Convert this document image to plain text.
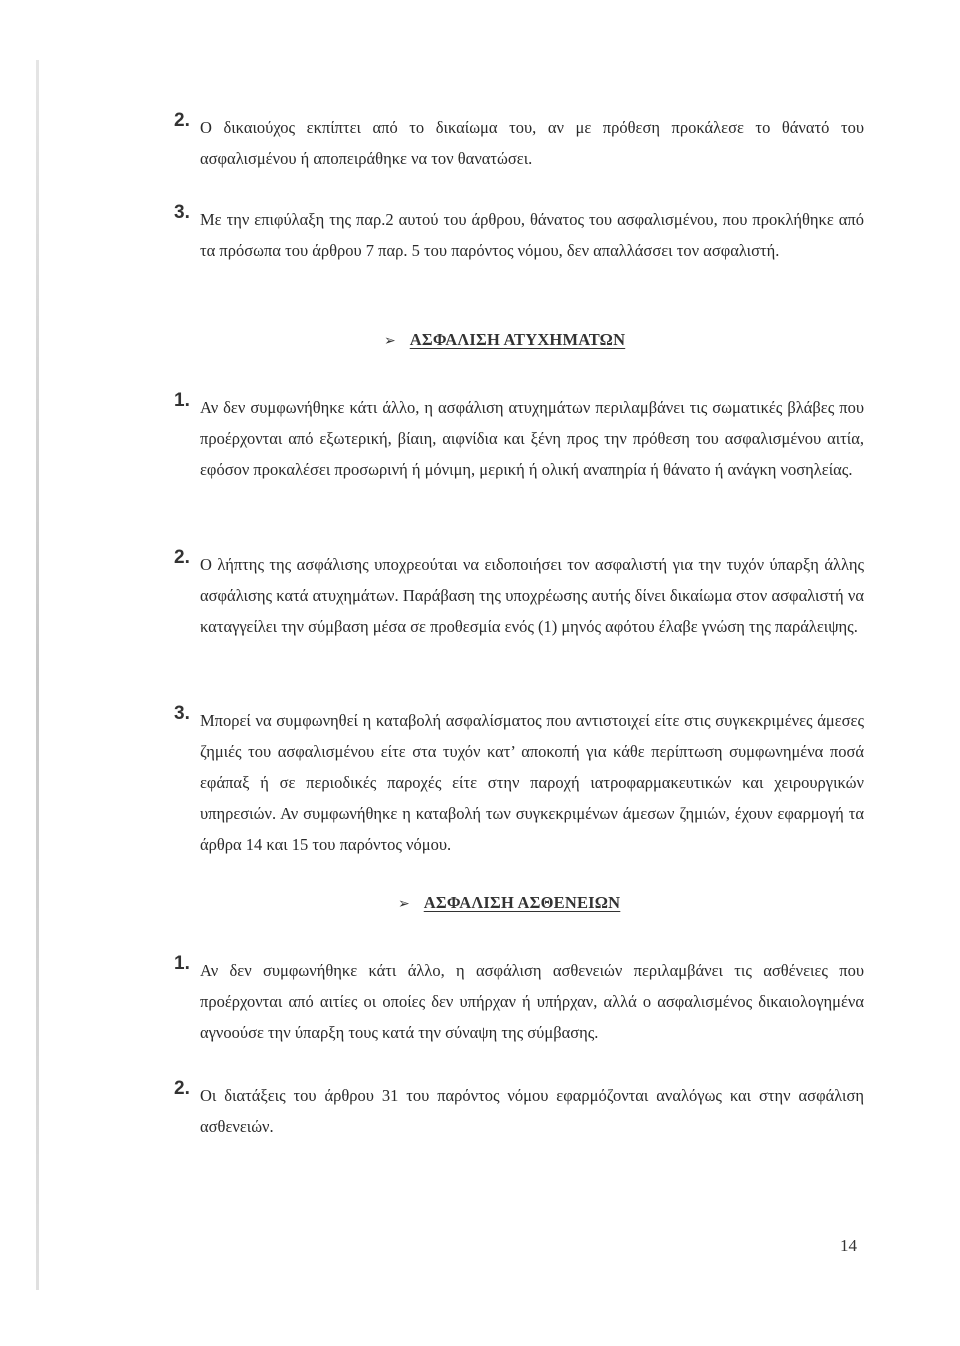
2. Ο δικαιούχος εκπίπτει από το δικαίωμα του, αν με πρόθεση προκάλεσε το θάνατό του ασφαλισμένου ή αποπειράθηκε να τον θανατώσει.

3. Με την επιφύλαξη της παρ.2 αυτού του άρθρου, θάνατος του ασφαλισμένου, που προκλήθηκε από τα πρόσωπα του άρθρου 7 παρ. 5 του παρόντος νόμου, δεν απαλλάσσει τον ασφαλιστή.

➢ ΑΣΦΑΛΙΣΗ ΑΤΥΧΗΜΑΤΩΝ
1. Αν δεν συμφωνήθηκε κάτι άλλο, η ασφάλιση ατυχημάτων περιλαμβάνει τις σωματικές βλάβες που προέρχονται από εξωτερική, βίαιη, αιφνίδια και ξένη προς την πρόθεση του ασφαλισμένου αιτία, εφόσον προκαλέσει προσωρινή ή μόνιμη, μερική ή ολική αναπηρία ή θάνατο ή ανάγκη νοσηλείας.

2. Ο λήπτης της ασφάλισης υποχρεούται να ειδοποιήσει τον ασφαλιστή για την τυχόν ύπαρξη άλλης ασφάλισης κατά ατυχημάτων. Παράβαση της υποχρέωσης αυτής δίνει δικαίωμα στον ασφαλιστή να καταγγείλει την σύμβαση μέσα σε προθεσμία ενός (1) μηνός αφότου έλαβε γνώση της παράλειψης.

3. Μπορεί να συμφωνηθεί η καταβολή ασφαλίσματος που αντιστοιχεί είτε στις συγκεκριμένες άμεσες ζημιές του ασφαλισμένου είτε στα τυχόν κατ’ αποκοπή για κάθε περίπτωση συμφωνημένα ποσά εφάπαξ ή σε περιοδικές παροχές είτε στην παροχή ιατροφαρμακευτικών και χειρουργικών υπηρεσιών. Αν συμφωνήθηκε η καταβολή των συγκεκριμένων άμεσων ζημιών, έχουν εφαρμογή τα άρθρα 14 και 15 του παρόντος νόμου.

➢ ΑΣΦΑΛΙΣΗ ΑΣΘΕΝΕΙΩΝ
1. Αν δεν συμφωνήθηκε κάτι άλλο, η ασφάλιση ασθενειών περιλαμβάνει τις ασθένειες που προέρχονται από αιτίες οι οποίες δεν υπήρχαν ή υπήρχαν, αλλά ο ασφαλισμένος δικαιολογημένα αγνοούσε την ύπαρξη τους κατά την σύναψη της σύμβασης.

2. Οι διατάξεις του άρθρου 31 του παρόντος νόμου εφαρμόζονται αναλόγως και στην ασφάλιση ασθενειών.

14
